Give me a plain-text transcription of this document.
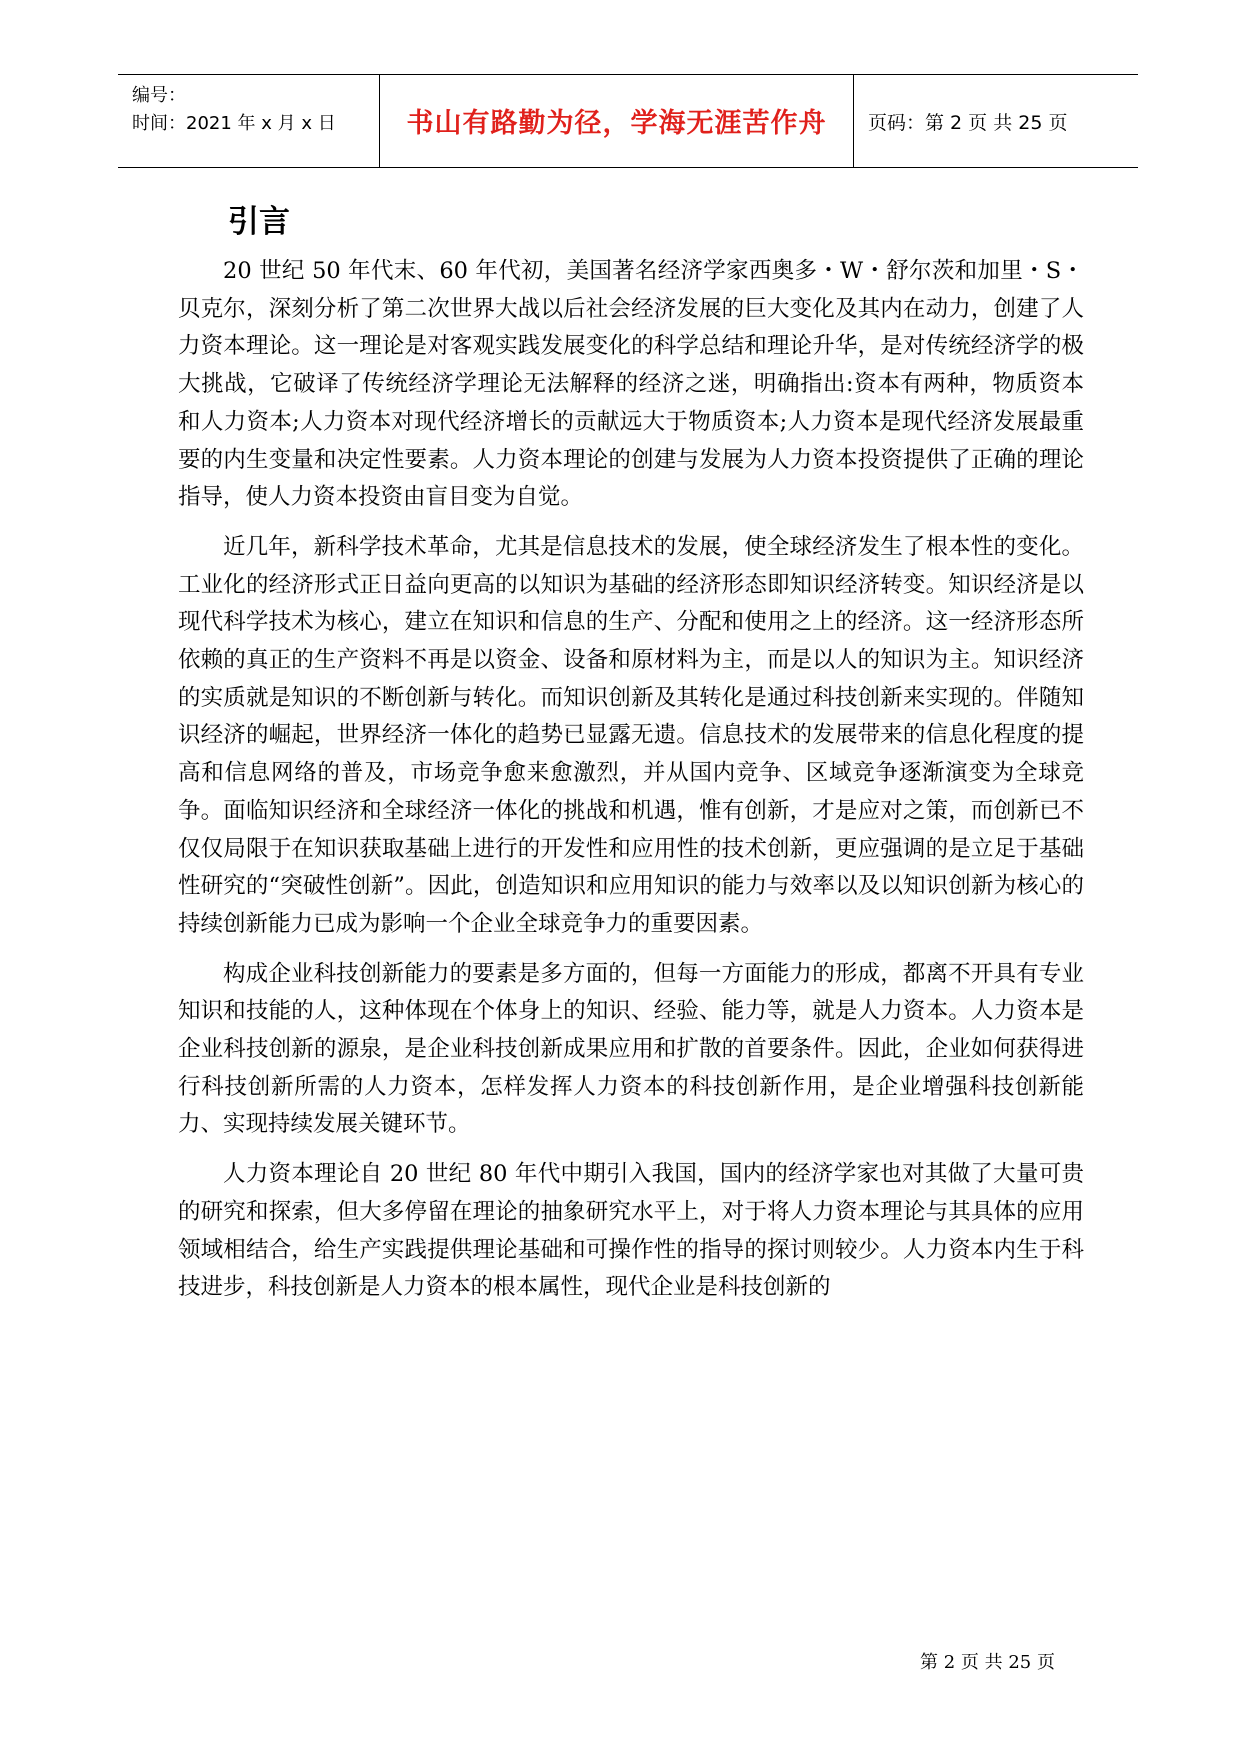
编号：
时间：2021 年 x 月 x 日	书山有路勤为径，学海无涯苦作舟	页码：第 2 页 共 25 页
引言

20 世纪 50 年代末、60 年代初，美国著名经济学家西奥多・W・舒尔茨和加里・S・贝克尔，深刻分析了第二次世界大战以后社会经济发展的巨大变化及其内在动力，创建了人力资本理论。这一理论是对客观实践发展变化的科学总结和理论升华，是对传统经济学的极大挑战，它破译了传统经济学理论无法解释的经济之迷，明确指出:资本有两种，物质资本和人力资本;人力资本对现代经济增长的贡献远大于物质资本;人力资本是现代经济发展最重要的内生变量和决定性要素。人力资本理论的创建与发展为人力资本投资提供了正确的理论指导，使人力资本投资由盲目变为自觉。

近几年，新科学技术革命，尤其是信息技术的发展，使全球经济发生了根本性的变化。工业化的经济形式正日益向更高的以知识为基础的经济形态即知识经济转变。知识经济是以现代科学技术为核心，建立在知识和信息的生产、分配和使用之上的经济。这一经济形态所依赖的真正的生产资料不再是以资金、设备和原材料为主，而是以人的知识为主。知识经济的实质就是知识的不断创新与转化。而知识创新及其转化是通过科技创新来实现的。伴随知识经济的崛起，世界经济一体化的趋势已显露无遗。信息技术的发展带来的信息化程度的提高和信息网络的普及，市场竞争愈来愈激烈，并从国内竞争、区域竞争逐渐演变为全球竞争。面临知识经济和全球经济一体化的挑战和机遇，惟有创新，才是应对之策，而创新已不仅仅局限于在知识获取基础上进行的开发性和应用性的技术创新，更应强调的是立足于基础性研究的“突破性创新”。因此，创造知识和应用知识的能力与效率以及以知识创新为核心的持续创新能力已成为影响一个企业全球竞争力的重要因素。

构成企业科技创新能力的要素是多方面的，但每一方面能力的形成，都离不开具有专业知识和技能的人，这种体现在个体身上的知识、经验、能力等，就是人力资本。人力资本是企业科技创新的源泉，是企业科技创新成果应用和扩散的首要条件。因此，企业如何获得进行科技创新所需的人力资本，怎样发挥人力资本的科技创新作用，是企业增强科技创新能力、实现持续发展关键环节。

人力资本理论自 20 世纪 80 年代中期引入我国，国内的经济学家也对其做了大量可贵的研究和探索，但大多停留在理论的抽象研究水平上，对于将人力资本理论与其具体的应用领域相结合，给生产实践提供理论基础和可操作性的指导的探讨则较少。人力资本内生于科技进步，科技创新是人力资本的根本属性，现代企业是科技创新的

第 2 页 共 25 页
